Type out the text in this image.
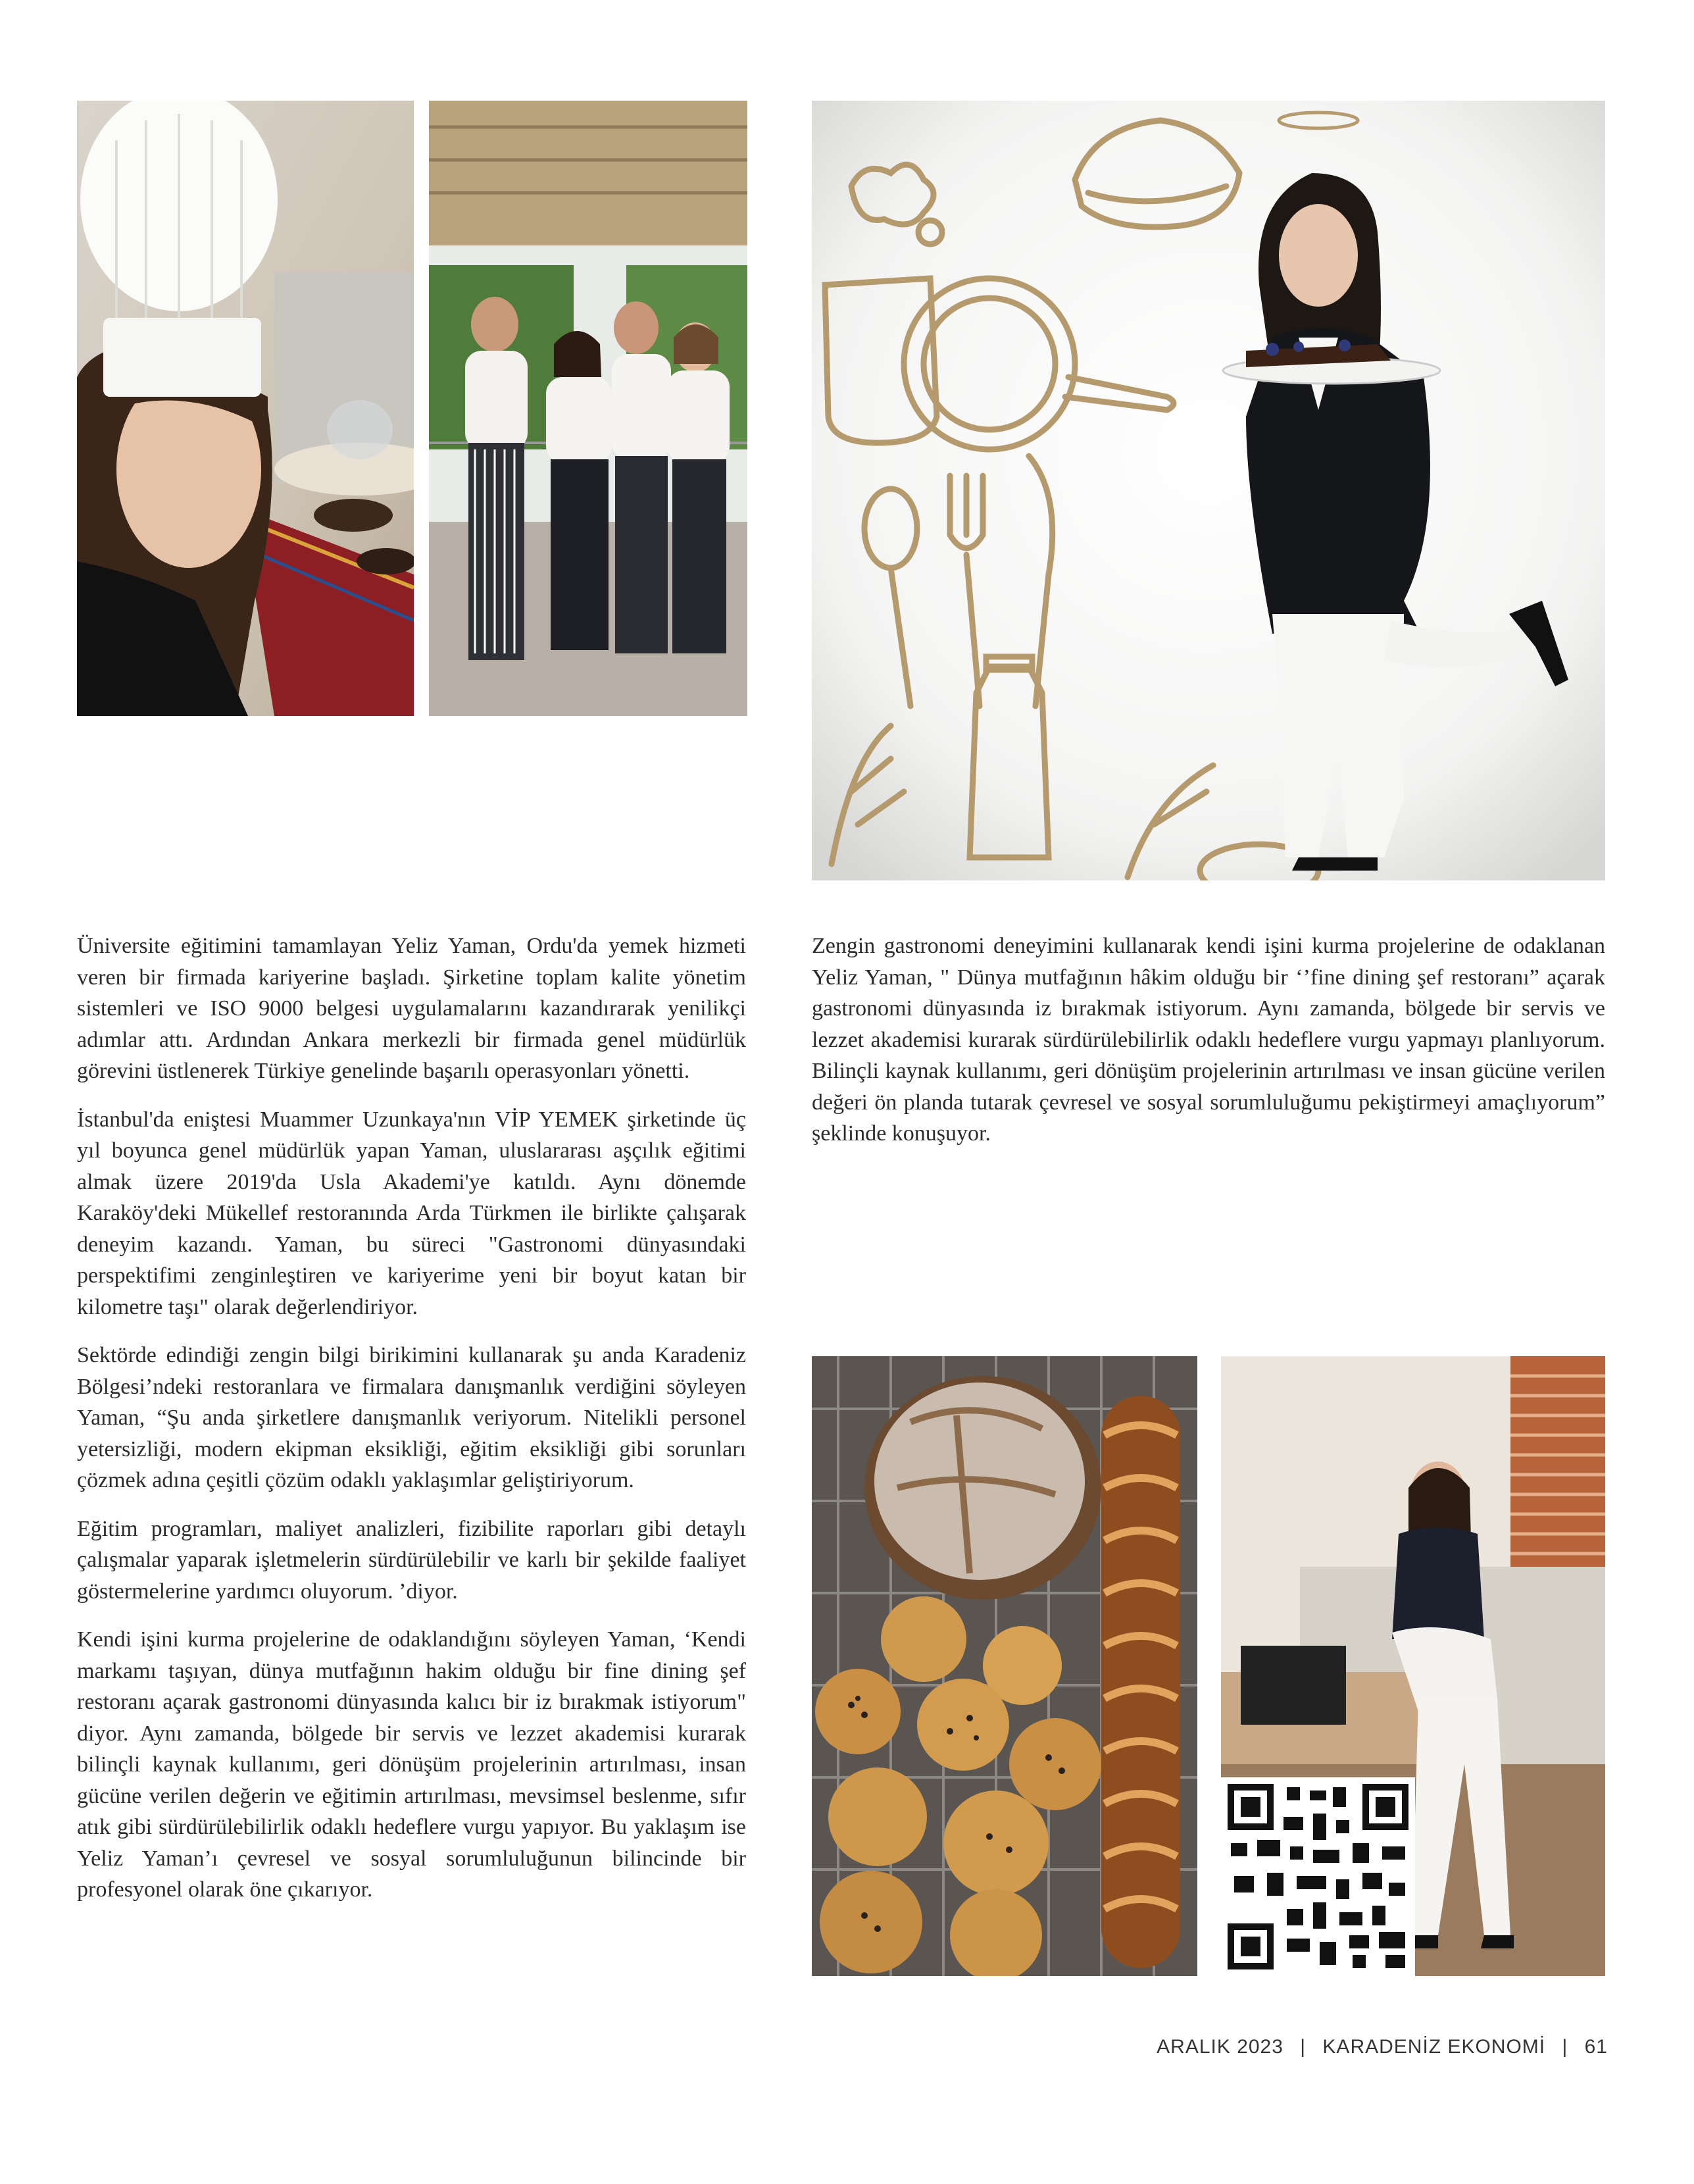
Üniversite eğitimini tamamlayan Yeliz Yaman, Ordu'da yemek hizmeti veren bir firmada kariyerine başladı. Şirketine toplam kalite yönetim sistemleri ve ISO 9000 belgesi uygulamalarını kazandırarak yenilikçi adımlar attı. Ardından Ankara merkezli bir firmada genel müdürlük görevini üstlenerek Türkiye genelinde başarılı operasyonları yönetti.

İstanbul'da eniştesi Muammer Uzunkaya'nın VİP YEMEK şirketinde üç yıl boyunca genel müdürlük yapan Yaman, uluslararası aşçılık eğitimi almak üzere 2019'da Usla Akademi'ye katıldı. Aynı dönemde Karaköy'deki Mükellef restoranında Arda Türkmen ile birlikte çalışarak deneyim kazandı. Yaman, bu süreci "Gastronomi dünyasındaki perspektifimi zenginleştiren ve kariyerime yeni bir boyut katan bir kilometre taşı" olarak değerlendiriyor.

Sektörde edindiği zengin bilgi birikimini kullanarak şu anda Karadeniz Bölgesi’ndeki restoranlara ve firmalara danışmanlık verdiğini söyleyen Yaman, “Şu anda şirketlere danışmanlık veriyorum. Nitelikli personel yetersizliği, modern ekipman eksikliği, eğitim eksikliği gibi sorunları çözmek adına çeşitli çözüm odaklı yaklaşımlar geliştiriyorum.

Eğitim programları, maliyet analizleri, fizibilite raporları gibi detaylı çalışmalar yaparak işletmelerin sürdürülebilir ve karlı bir şekilde faaliyet göstermelerine yardımcı oluyorum. ’diyor.

Kendi işini kurma projelerine de odaklandığını söyleyen Yaman, ‘Kendi markamı taşıyan, dünya mutfağının hakim olduğu bir fine dining şef restoranı açarak gastronomi dünyasında kalıcı bir iz bırakmak istiyorum" diyor. Aynı zamanda, bölgede bir servis ve lezzet akademisi kurarak bilinçli kaynak kullanımı, geri dönüşüm projelerinin artırılması, insan gücüne verilen değerin ve eğitimin artırılması, mevsimsel beslenme, sıfır atık gibi sürdürülebilirlik odaklı hedeflere vurgu yapıyor. Bu yaklaşım ise Yeliz Yaman’ı çevresel ve sosyal sorumluluğunun bilincinde bir profesyonel olarak öne çıkarıyor.

Zengin gastronomi deneyimini kullanarak kendi işini kurma projelerine de odaklanan Yeliz Yaman, " Dünya mutfağının hâkim olduğu bir ‘’fine dining şef restoranı” açarak gastronomi dünyasında iz bırakmak istiyorum. Aynı zamanda, bölgede bir servis ve lezzet akademisi kurarak sürdürülebilirlik odaklı hedeflere vurgu yapmayı planlıyorum. Bilinçli kaynak kullanımı, geri dönüşüm projelerinin artırılması ve insan gücüne verilen değeri ön planda tutarak çevresel ve sosyal sorumluluğumu pekiştirmeyi amaçlıyorum” şeklinde konuşuyor.

ARALIK 2023 | KARADENİZ EKONOMİ | 61
